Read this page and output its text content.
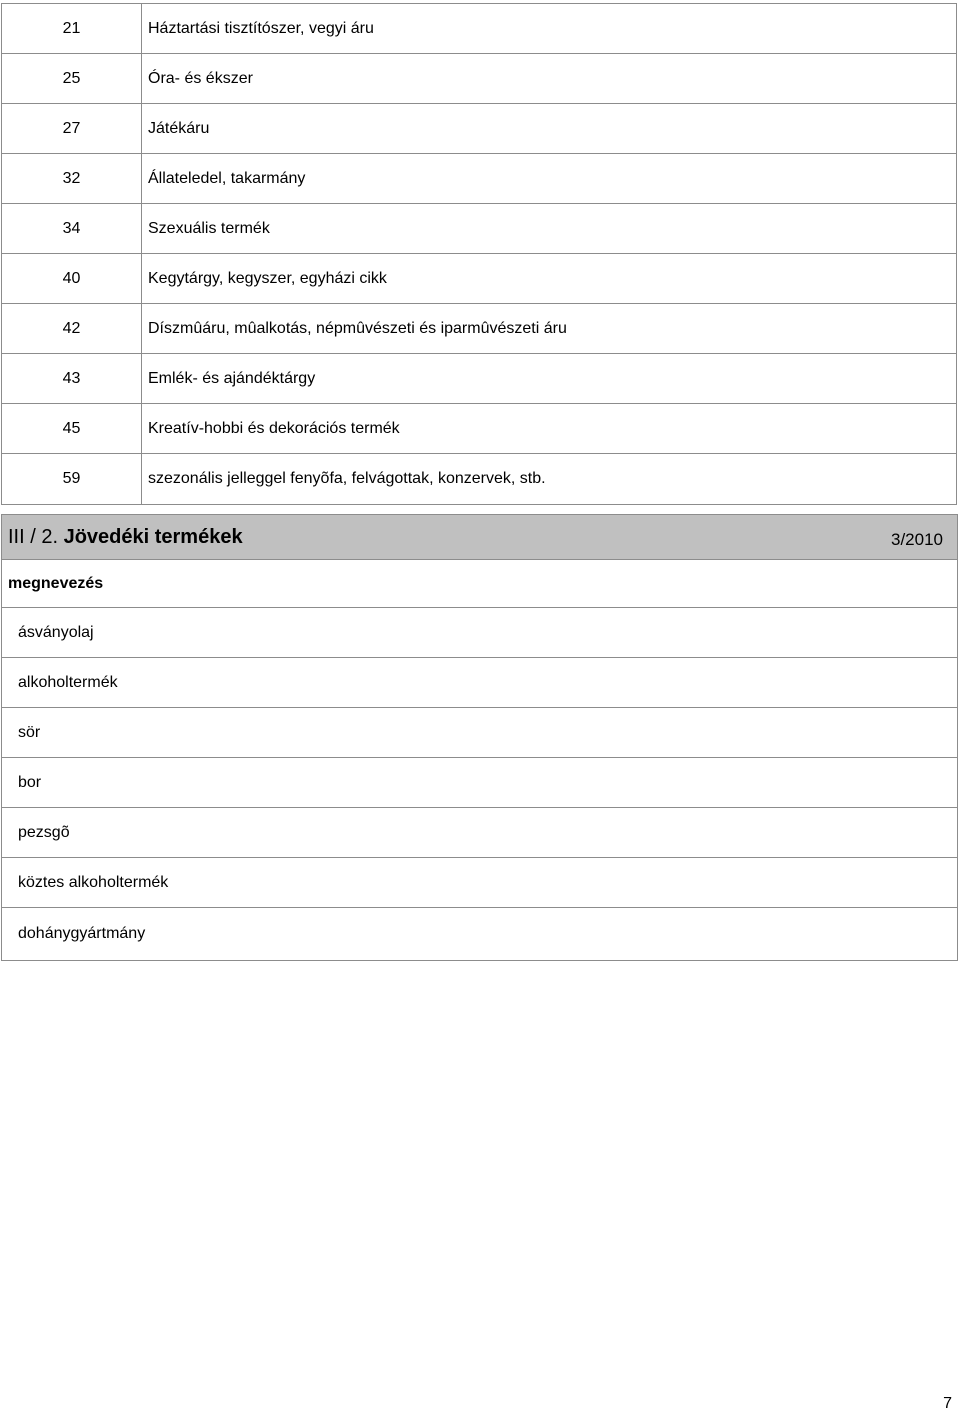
21	Háztartási tisztítószer, vegyi áru
25	Óra- és ékszer
27	Játékáru
32	Állateledel, takarmány
34	Szexuális termék
40	Kegytárgy, kegyszer, egyházi cikk
42	Díszmûáru, mûalkotás, népmûvészeti és iparmûvészeti áru
43	Emlék- és ajándéktárgy
45	Kreatív-hobbi és dekorációs termék
59	szezonális jelleggel fenyõfa, felvágottak, konzervek, stb.
III / 2. Jövedéki termékek	3/2010
megnevezés
ásványolaj
alkoholtermék
sör
bor
pezsgõ
köztes alkoholtermék
dohánygyártmány
7
